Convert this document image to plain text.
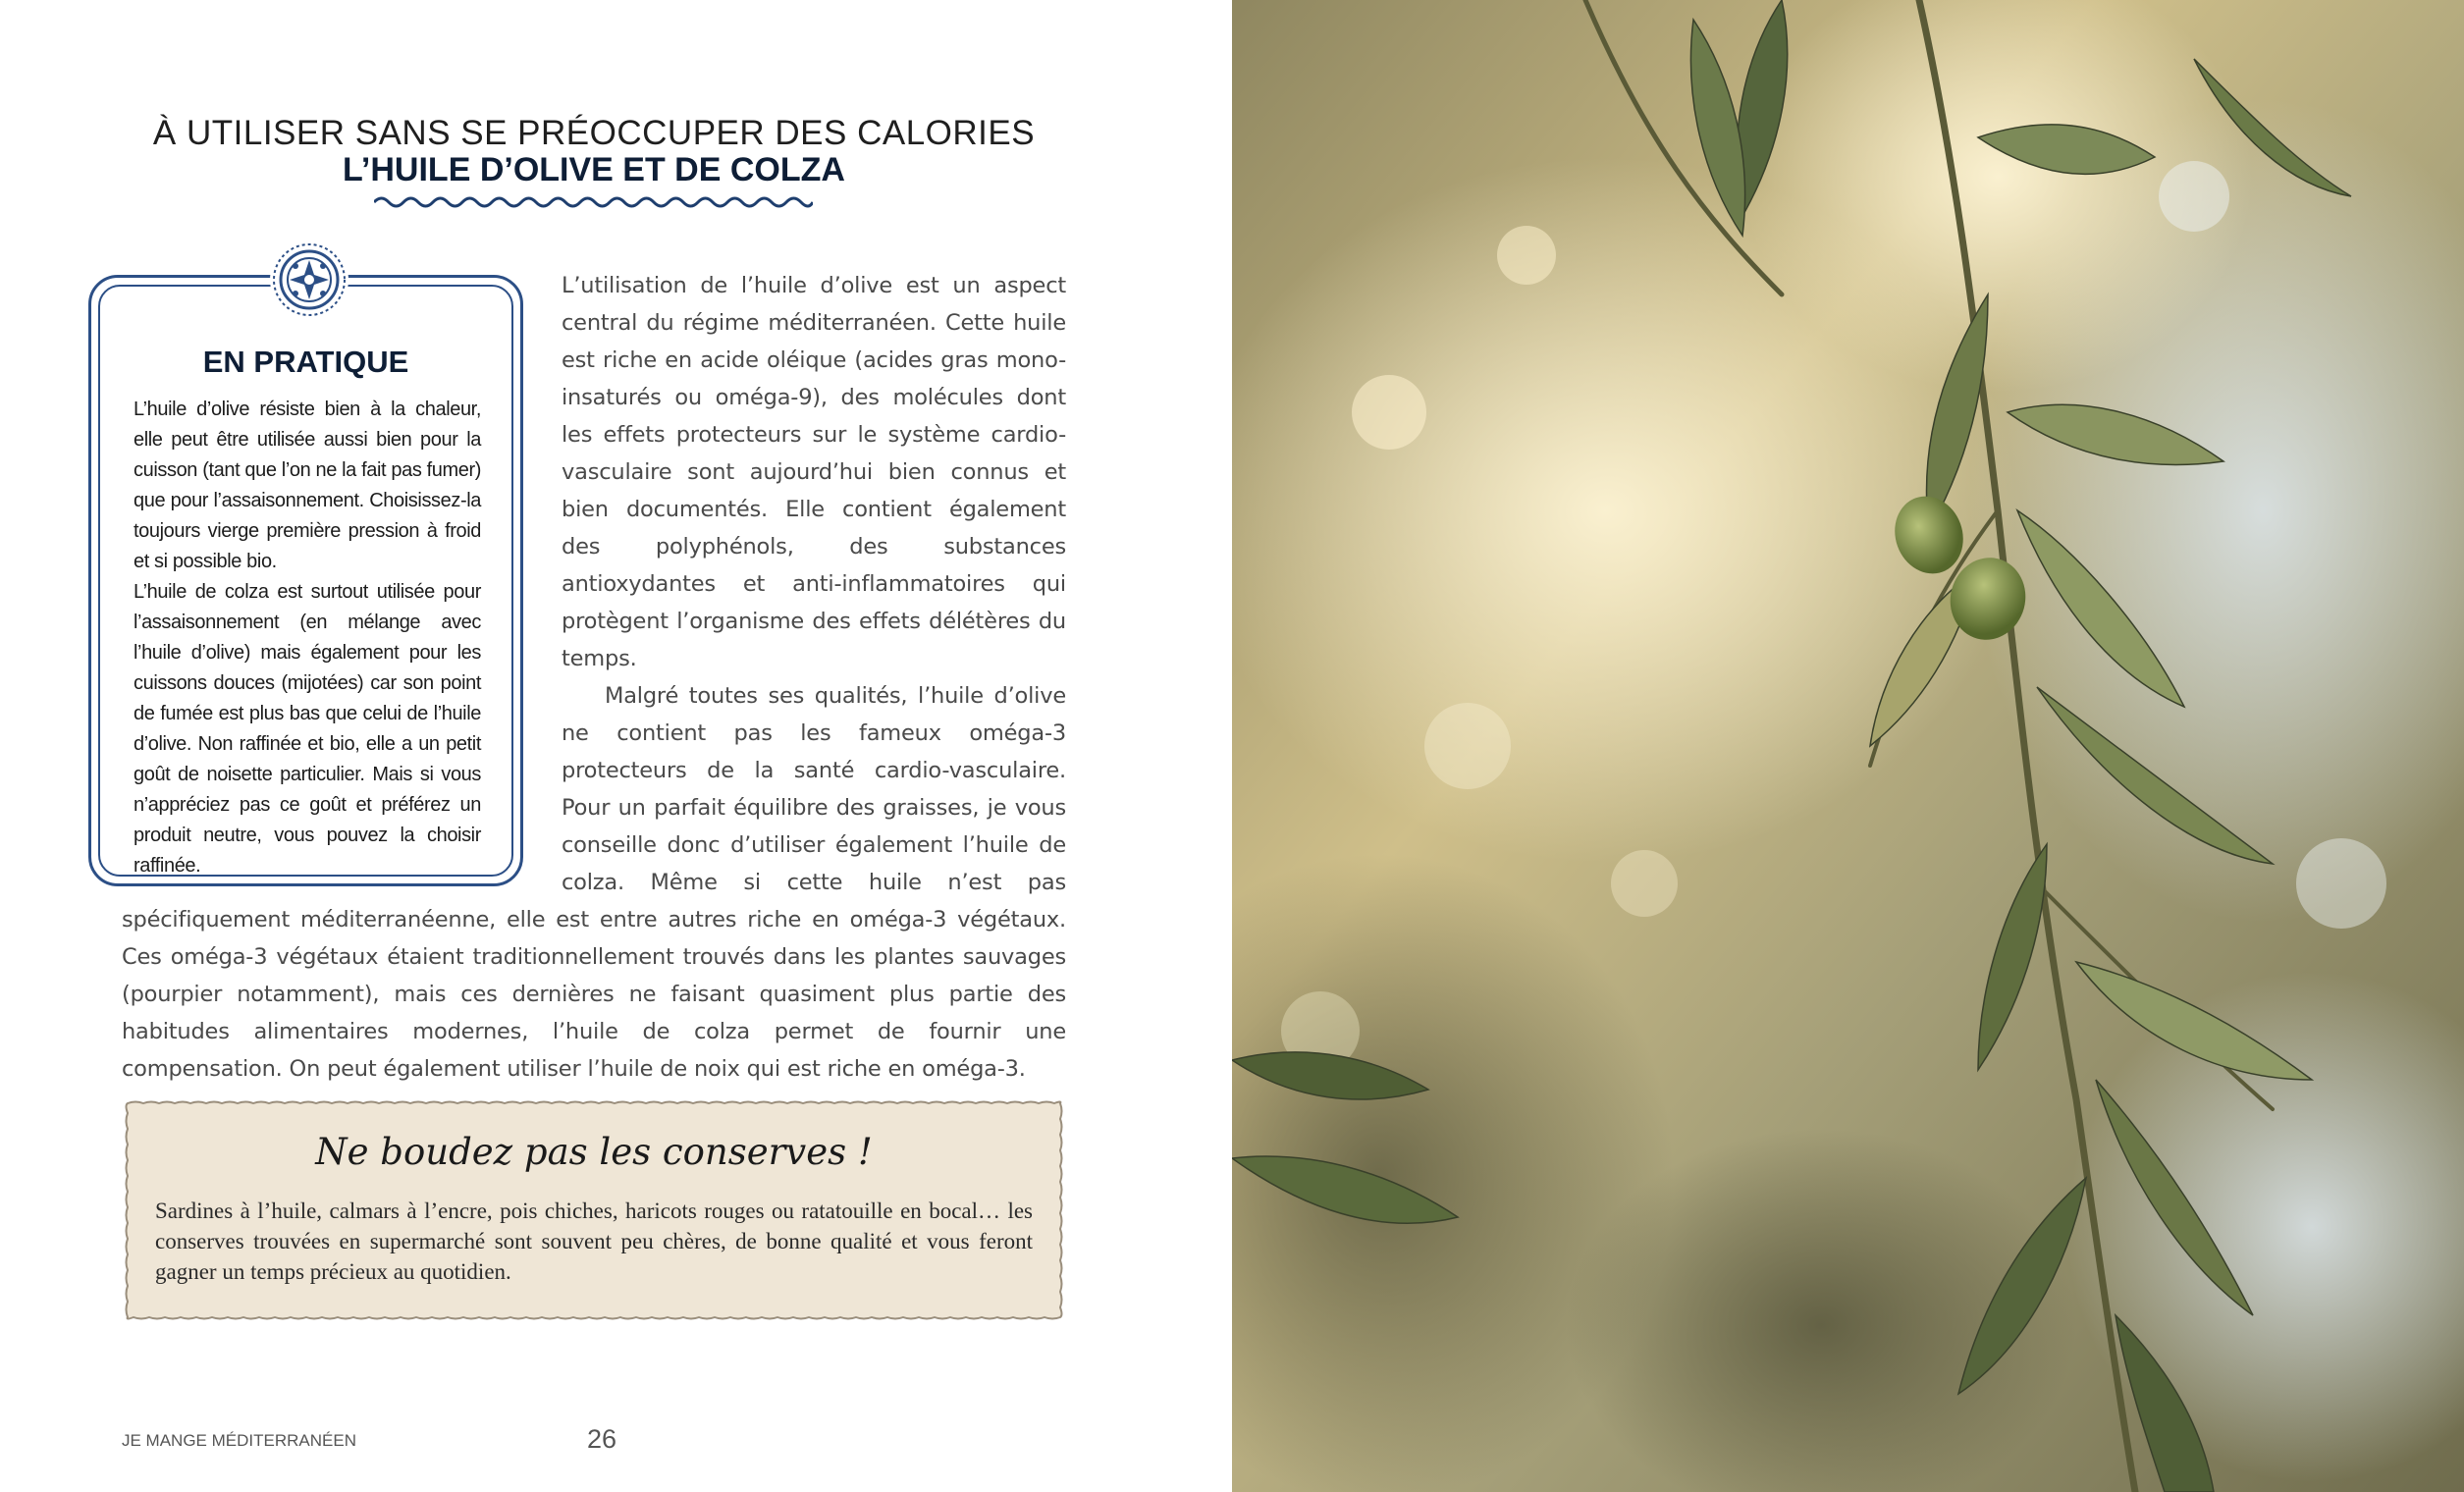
À UTILISER SANS SE PRÉOCCUPER DES CALORIES
L’HUILE D’OLIVE ET DE COLZA
EN PRATIQUE

L’huile d’olive résiste bien à la chaleur, elle peut être utilisée aussi bien pour la cuisson (tant que l’on ne la fait pas fumer) que pour l’assaisonnement. Choisissez-la toujours vierge première pression à froid et si possible bio.

L’huile de colza est surtout utilisée pour l’assaisonnement (en mélange avec l’huile d’olive) mais également pour les cuissons douces (mijotées) car son point de fumée est plus bas que celui de l’huile d’olive. Non raffinée et bio, elle a un petit goût de noisette particulier. Mais si vous n’appréciez pas ce goût et préférez un produit neutre, vous pouvez la choisir raffinée.

L’utilisation de l’huile d’olive est un aspect central du régime méditerranéen. Cette huile est riche en acide oléique (acides gras mono-insaturés ou oméga-9), des molécules dont les effets protecteurs sur le système cardio-vasculaire sont aujourd’hui bien connus et bien documentés. Elle contient également des polyphénols, des substances antioxydantes et anti-inflammatoires qui protègent l’organisme des effets délétères du temps.

Malgré toutes ses qualités, l’huile d’olive ne contient pas les fameux oméga-3 protecteurs de la santé cardio-vasculaire. Pour un parfait équilibre des graisses, je vous conseille donc d’utiliser également l’huile de colza. Même si cette huile n’est pas spécifiquement méditerranéenne, elle est entre autres riche en oméga-3 végétaux. Ces oméga-3 végétaux étaient traditionnellement trouvés dans les plantes sauvages (pourpier notamment), mais ces dernières ne faisant quasiment plus partie des habitudes alimentaires modernes, l’huile de colza permet de fournir une compensation. On peut également utiliser l’huile de noix qui est riche en oméga-3.

Ne boudez pas les conserves !

Sardines à l’huile, calmars à l’encre, pois chiches, haricots rouges ou ratatouille en bocal… les conserves trouvées en supermarché sont souvent peu chères, de bonne qualité et vous feront gagner un temps précieux au quotidien.

JE MANGE MÉDITERRANÉEN	26
